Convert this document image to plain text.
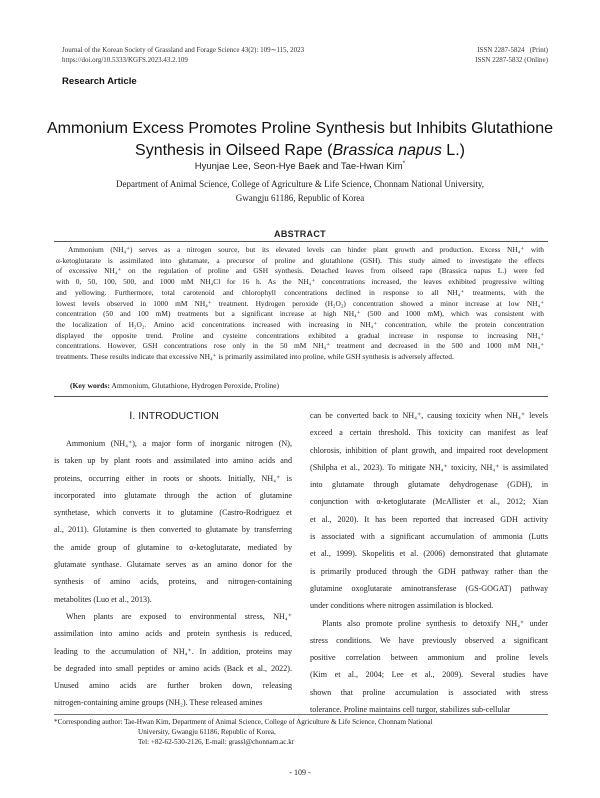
Journal of the Korean Society of Grassland and Forage Science 43(2): 109∼115, 2023
https://doi.org/10.5333/KGFS.2023.43.2.109
ISSN 2287-5824   (Print)
ISSN 2287-5832 (Online)
Research Article
Ammonium Excess Promotes Proline Synthesis but Inhibits Glutathione
Synthesis in Oilseed Rape (Brassica napus L.)
Hyunjae Lee, Seon-Hye Baek and Tae-Hwan Kim*
Department of Animal Science, College of Agriculture & Life Science, Chonnam National University,
Gwangju 61186, Republic of Korea
ABSTRACT
Ammonium (NH₄⁺) serves as a nitrogen source, but its elevated levels can hinder plant growth and production. Excess NH₄⁺ with
α-ketoglutarate is assimilated into glutamate, a precursor of proline and glutathione (GSH). This study aimed to investigate the effects
of excessive NH₄⁺ on the regulation of proline and GSH synthesis. Detached leaves from oilseed rape (Brassica napus L.) were fed
with 0, 50, 100, 500, and 1000 mM NH₄Cl for 16 h. As the NH₄⁺ concentrations increased, the leaves exhibited progressive wilting
and yellowing. Furthermore, total carotenoid and chlorophyll concentrations declined in response to all NH₄⁺ treatments, with the
lowest levels observed in 1000 mM NH₄⁺ treatment. Hydrogen peroxide (H₂O₂) concentration showed a minor increase at low NH₄⁺
concentration (50 and 100 mM) treatments but a significant increase at high NH₄⁺ (500 and 1000 mM), which was consistent with
the localization of H₂O₂. Amino acid concentrations increased with increasing in NH₄⁺ concentration, while the protein concentration
displayed the opposite trend. Proline and cysteine concentrations exhibited a gradual increase in response to increasing NH₄⁺
concentrations. However, GSH concentrations rose only in the 50 mM NH₄⁺ treatment and decreased in the 500 and 1000 mM NH₄⁺
treatments. These results indicate that excessive NH₄⁺ is primarily assimilated into proline, while GSH synthesis is adversely affected.
(Key words: Ammonium, Glutathione, Hydrogen Peroxide, Proline)
Ⅰ. INTRODUCTION
Ammonium (NH₄⁺), a major form of inorganic nitrogen (N),
is taken up by plant roots and assimilated into amino acids and
proteins, occurring either in roots or shoots. Initially, NH₄⁺ is
incorporated into glutamate through the action of glutamine
synthetase, which converts it to glutamine (Castro-Rodriguez et
al., 2011). Glutamine is then converted to glutamate by transferring
the amide group of glutamine to α-ketoglutarate, mediated by
glutamate synthase. Glutamate serves as an amino donor for the
synthesis of amino acids, proteins, and nitrogen-containing
metabolites (Luo et al., 2013).
When plants are exposed to environmental stress, NH₄⁺
assimilation into amino acids and protein synthesis is reduced,
leading to the accumulation of NH₄⁺. In addition, proteins may
be degraded into small peptides or amino acids (Back et al., 2022).
Unused amino acids are further broken down, releasing
nitrogen-containing amine groups (NH₂). These released amines
can be converted back to NH₄⁺, causing toxicity when NH₄⁺ levels
exceed a certain threshold. This toxicity can manifest as leaf
chlorosis, inhibition of plant growth, and impaired root development
(Shilpha et al., 2023). To mitigate NH₄⁺ toxicity, NH₄⁺ is assimilated
into glutamate through glutamate dehydrogenase (GDH), in
conjunction with α-ketoglutarate (McAllister et al., 2012; Xian
et al., 2020). It has been reported that increased GDH activity
is associated with a significant accumulation of ammonia (Lutts
et al., 1999). Skopelitis et al. (2006) demonstrated that glutamate
is primarily produced through the GDH pathway rather than the
glutamine oxoglutarate aminotransferase (GS-GOGAT) pathway
under conditions where nitrogen assimilation is blocked.
Plants also promote proline synthesis to detoxify NH₄⁺ under
stress conditions. We have previously observed a significant
positive correlation between ammonium and proline levels
(Kim et al., 2004; Lee et al., 2009). Several studies have
shown that proline accumulation is associated with stress
tolerance. Proline maintains cell turgor, stabilizes sub-cellular
*Corresponding author: Tae-Hwan Kim, Department of Animal Science, College of Agriculture & Life Science, Chonnam National
University, Gwangju 61186, Republic of Korea,
Tel: +82-62-530-2126, E-mail: grassl@chonnam.ac.kr
- 109 -
